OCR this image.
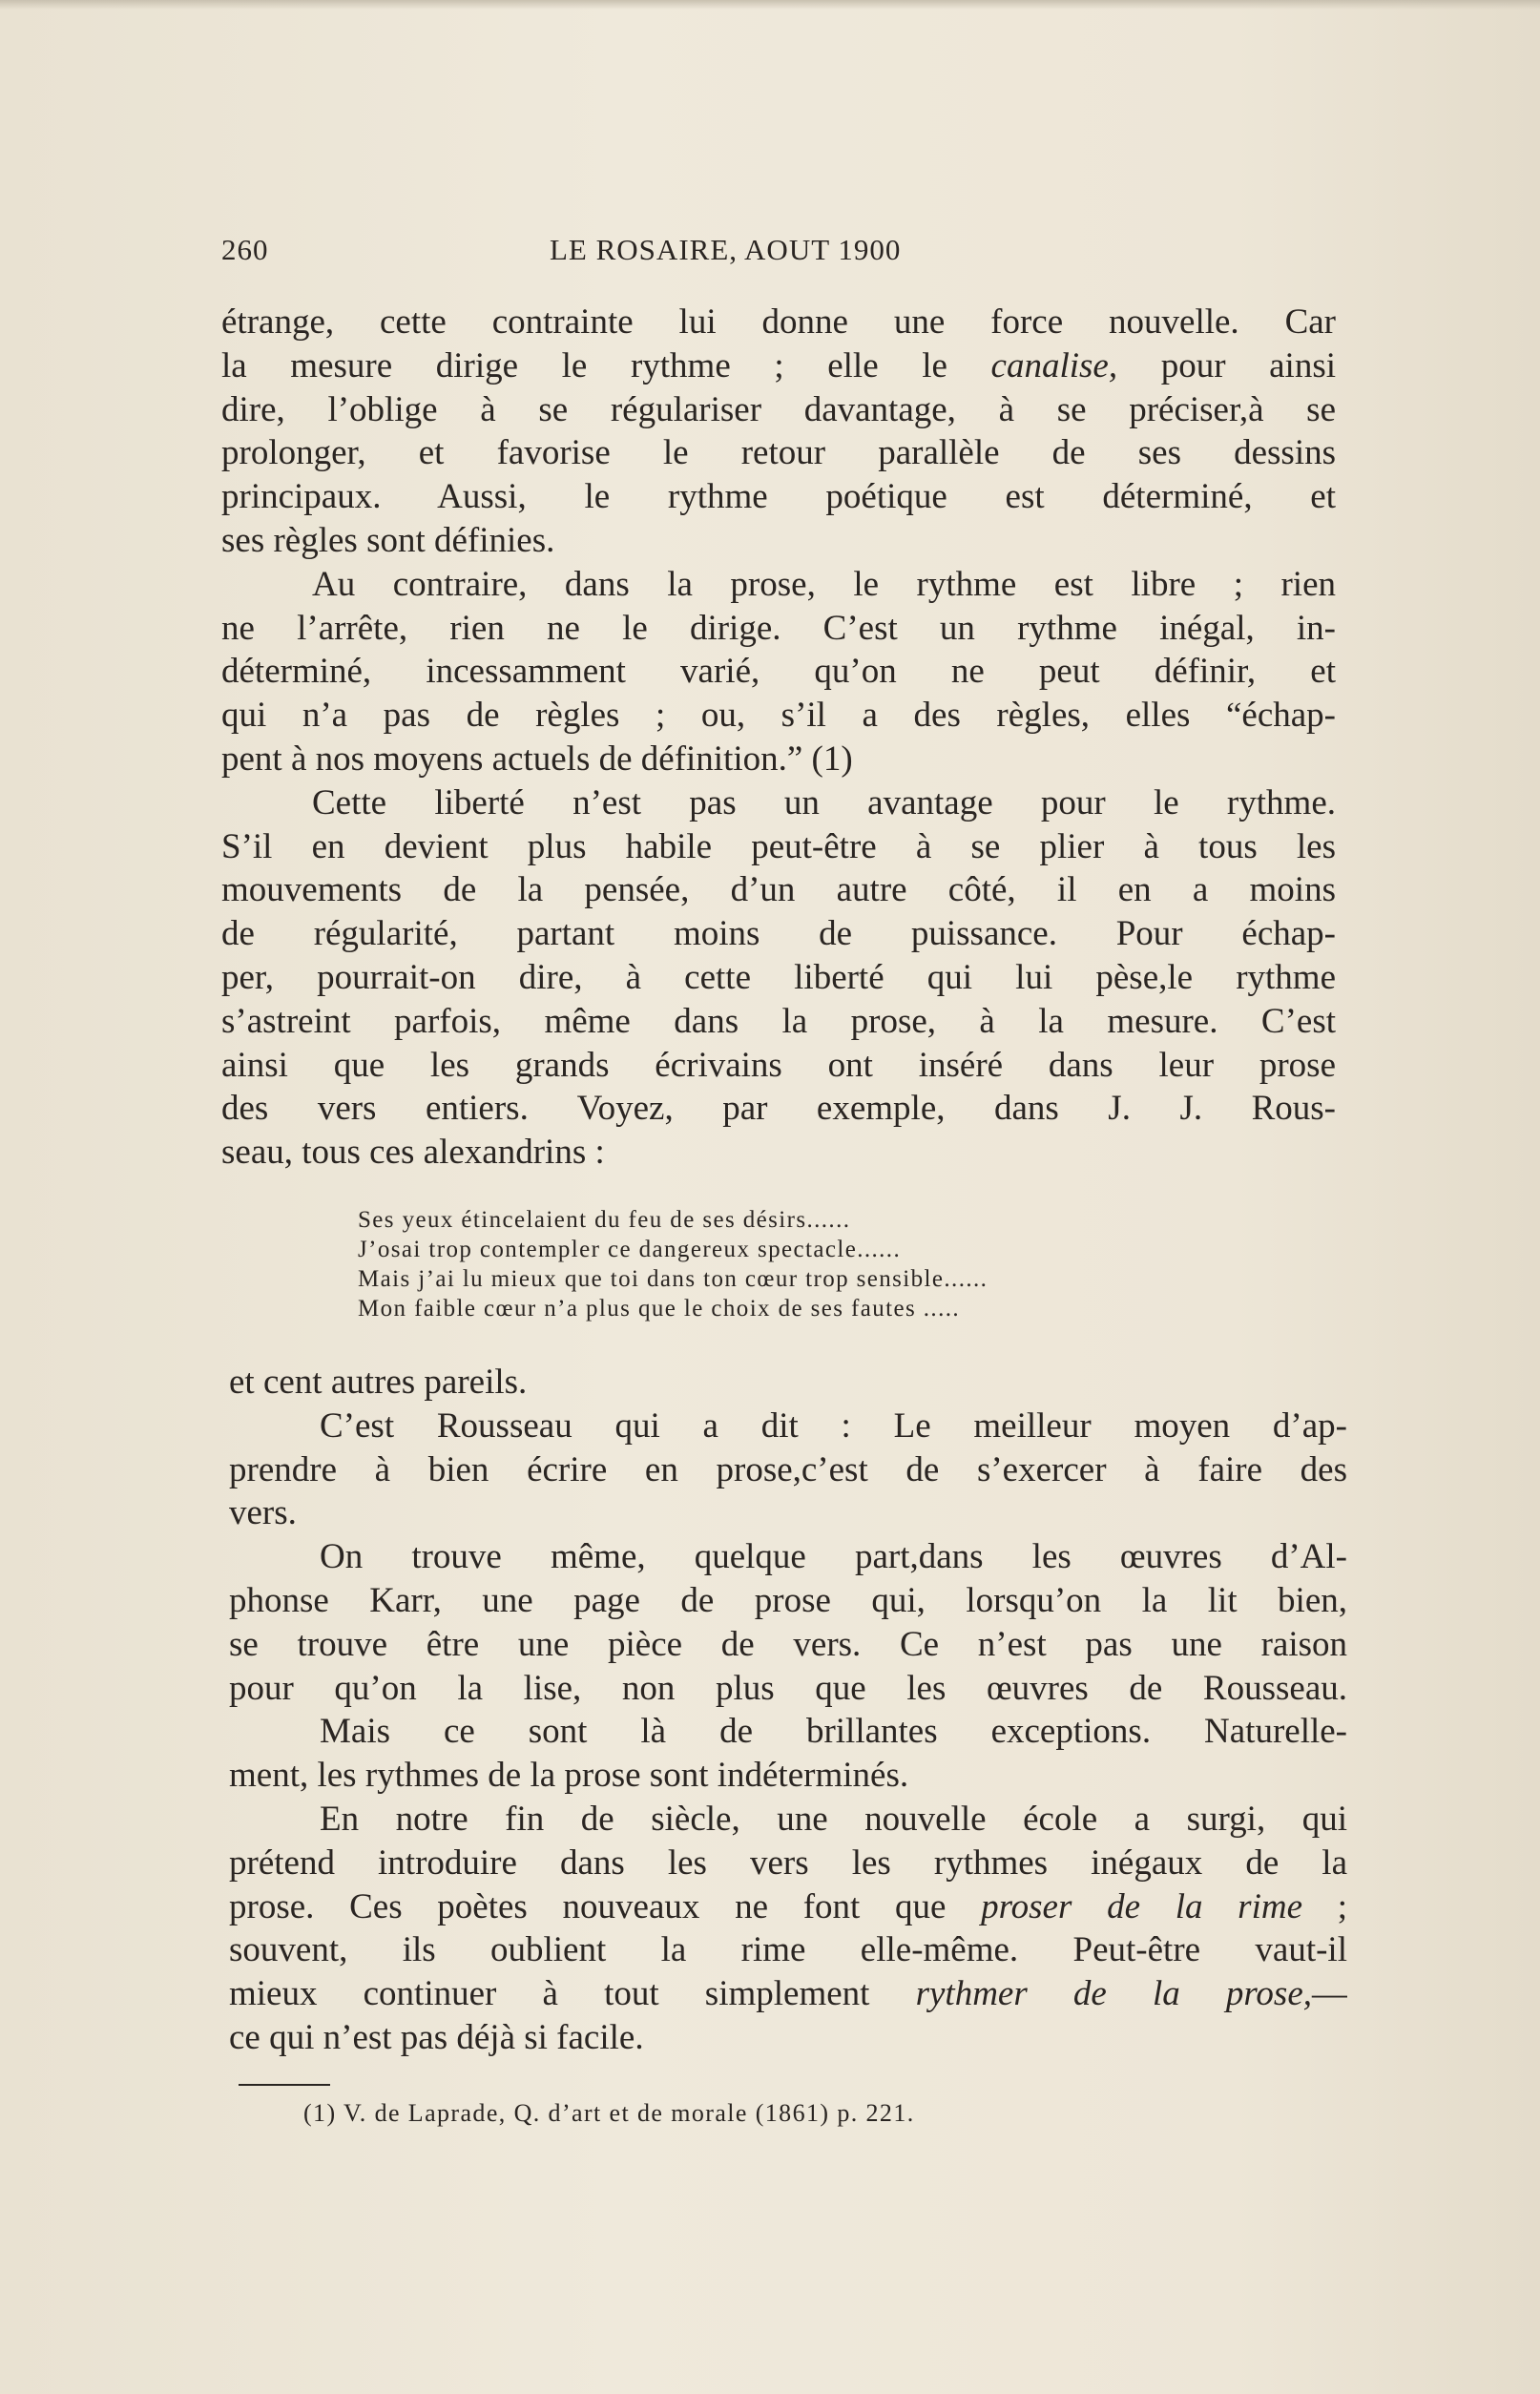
260	LE ROSAIRE, AOUT 1900
étrange, cette contrainte lui donne une force nouvelle. Car
la mesure dirige le rythme ; elle le canalise, pour ainsi
dire, l’oblige à se régulariser davantage, à se préciser,à se
prolonger, et favorise le retour parallèle de ses dessins
principaux. Aussi, le rythme poétique est déterminé, et
ses règles sont définies.
Au contraire, dans la prose, le rythme est libre ; rien
ne l’arrête, rien ne le dirige. C’est un rythme inégal, in-
déterminé, incessamment varié, qu’on ne peut définir, et
qui n’a pas de règles ; ou, s’il a des règles, elles “échap-
pent à nos moyens actuels de définition.” (1)
Cette liberté n’est pas un avantage pour le rythme.
S’il en devient plus habile peut-être à se plier à tous les
mouvements de la pensée, d’un autre côté, il en a moins
de régularité, partant moins de puissance. Pour échap-
per, pourrait-on dire, à cette liberté qui lui pèse,le rythme
s’astreint parfois, même dans la prose, à la mesure. C’est
ainsi que les grands écrivains ont inséré dans leur prose
des vers entiers. Voyez, par exemple, dans J. J. Rous-
seau, tous ces alexandrins :
Ses yeux étincelaient du feu de ses désirs......
J’osai trop contempler ce dangereux spectacle......
Mais j’ai lu mieux que toi dans ton cœur trop sensible......
Mon faible cœur n’a plus que le choix de ses fautes .....
et cent autres pareils.
C’est Rousseau qui a dit : Le meilleur moyen d’ap-
prendre à bien écrire en prose,c’est de s’exercer à faire des
vers.
On trouve même, quelque part,dans les œuvres d’Al-
phonse Karr, une page de prose qui, lorsqu’on la lit bien,
se trouve être une pièce de vers. Ce n’est pas une raison
pour qu’on la lise, non plus que les œuvres de Rousseau.
Mais ce sont là de brillantes exceptions. Naturelle-
ment, les rythmes de la prose sont indéterminés.
En notre fin de siècle, une nouvelle école a surgi, qui
prétend introduire dans les vers les rythmes inégaux de la
prose. Ces poètes nouveaux ne font que proser de la rime ;
souvent, ils oublient la rime elle-même. Peut-être vaut-il
mieux continuer à tout simplement rythmer de la prose,—
ce qui n’est pas déjà si facile.
(1) V. de Laprade, Q. d’art et de morale (1861) p. 221.
